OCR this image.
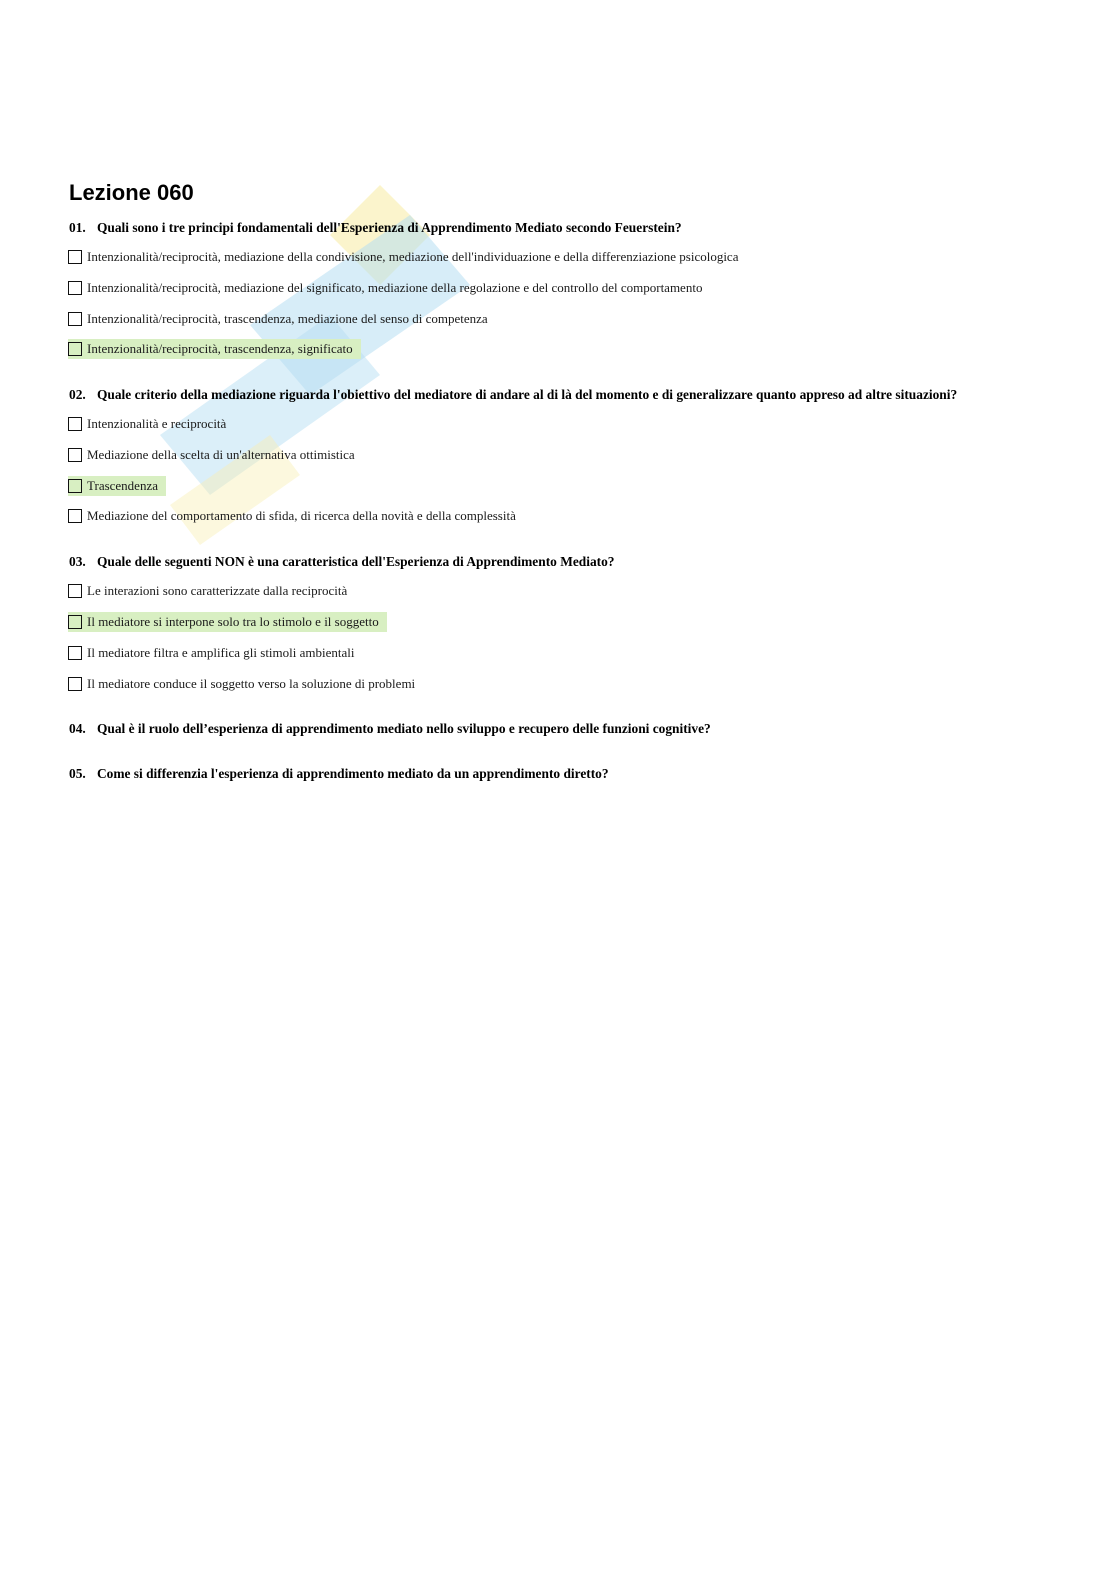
Lezione 060

01. Quali sono i tre principi fondamentali dell'Esperienza di Apprendimento Mediato secondo Feuerstein?

Intenzionalità/reciprocità, mediazione della condivisione, mediazione dell'individuazione e della differenziazione psicologica
Intenzionalità/reciprocità, mediazione del significato, mediazione della regolazione e del controllo del comportamento
Intenzionalità/reciprocità, trascendenza, mediazione del senso di competenza
Intenzionalità/reciprocità, trascendenza, significato

02. Quale criterio della mediazione riguarda l'obiettivo del mediatore di andare al di là del momento e di generalizzare quanto appreso ad altre situazioni?

Intenzionalità e reciprocità
Mediazione della scelta di un'alternativa ottimistica
Trascendenza
Mediazione del comportamento di sfida, di ricerca della novità e della complessità

03. Quale delle seguenti NON è una caratteristica dell'Esperienza di Apprendimento Mediato?

Le interazioni sono caratterizzate dalla reciprocità
Il mediatore si interpone solo tra lo stimolo e il soggetto
Il mediatore filtra e amplifica gli stimoli ambientali
Il mediatore conduce il soggetto verso la soluzione di problemi

04. Qual è il ruolo dell’esperienza di apprendimento mediato nello sviluppo e recupero delle funzioni cognitive?

05. Come si differenzia l'esperienza di apprendimento mediato da un apprendimento diretto?
